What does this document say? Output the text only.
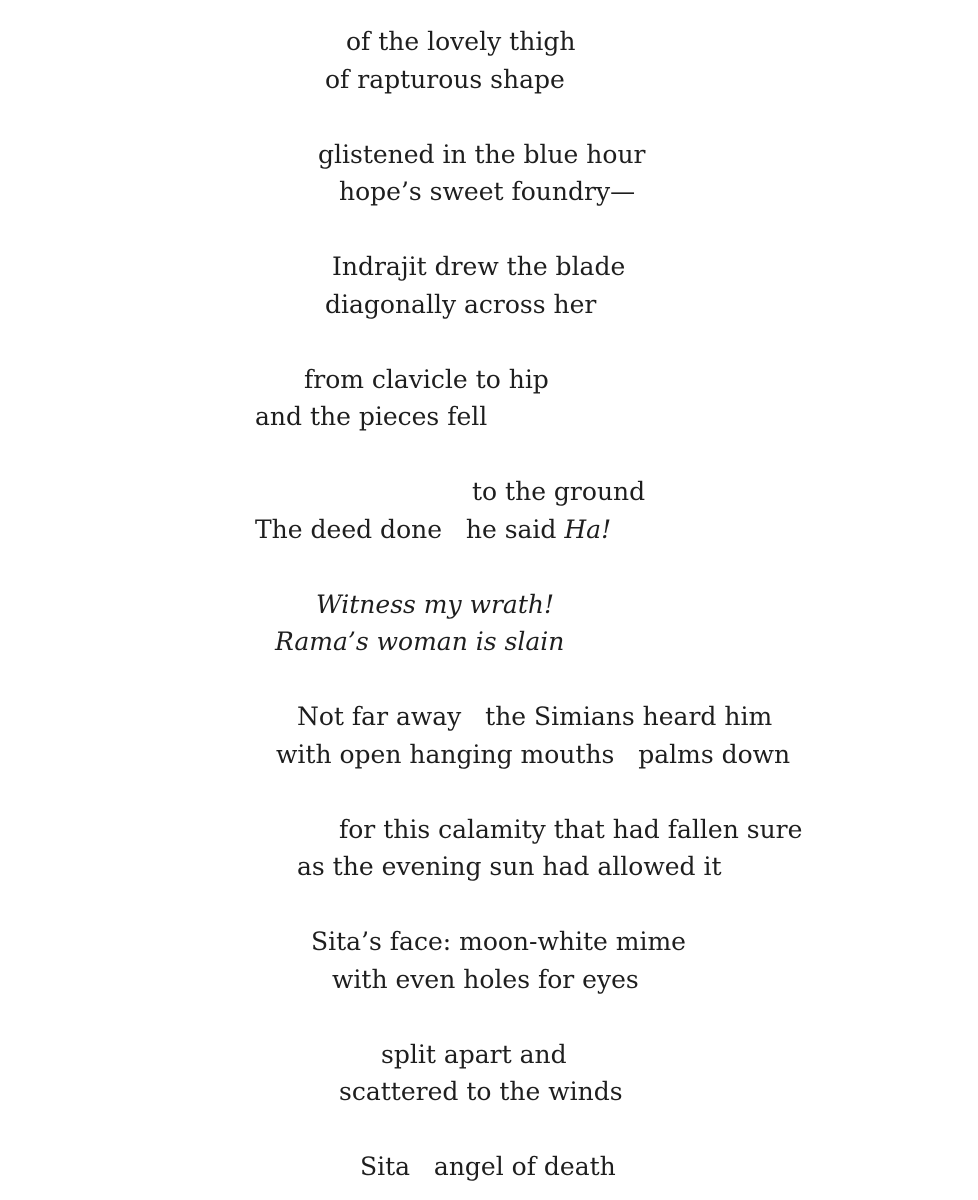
of the lovely thigh
of rapturous shape
glistened in the blue hour
hope’s sweet foundry—
Indrajit drew the blade
diagonally across her
from clavicle to hip
and the pieces fell
to the ground
The deed done   he said Ha!
Witness my wrath!
Rama’s woman is slain
Not far away   the Simians heard him
with open hanging mouths   palms down
for this calamity that had fallen sure
as the evening sun had allowed it
Sita’s face: moon-white mime
with even holes for eyes
split apart and
scattered to the winds
Sita   angel of death
